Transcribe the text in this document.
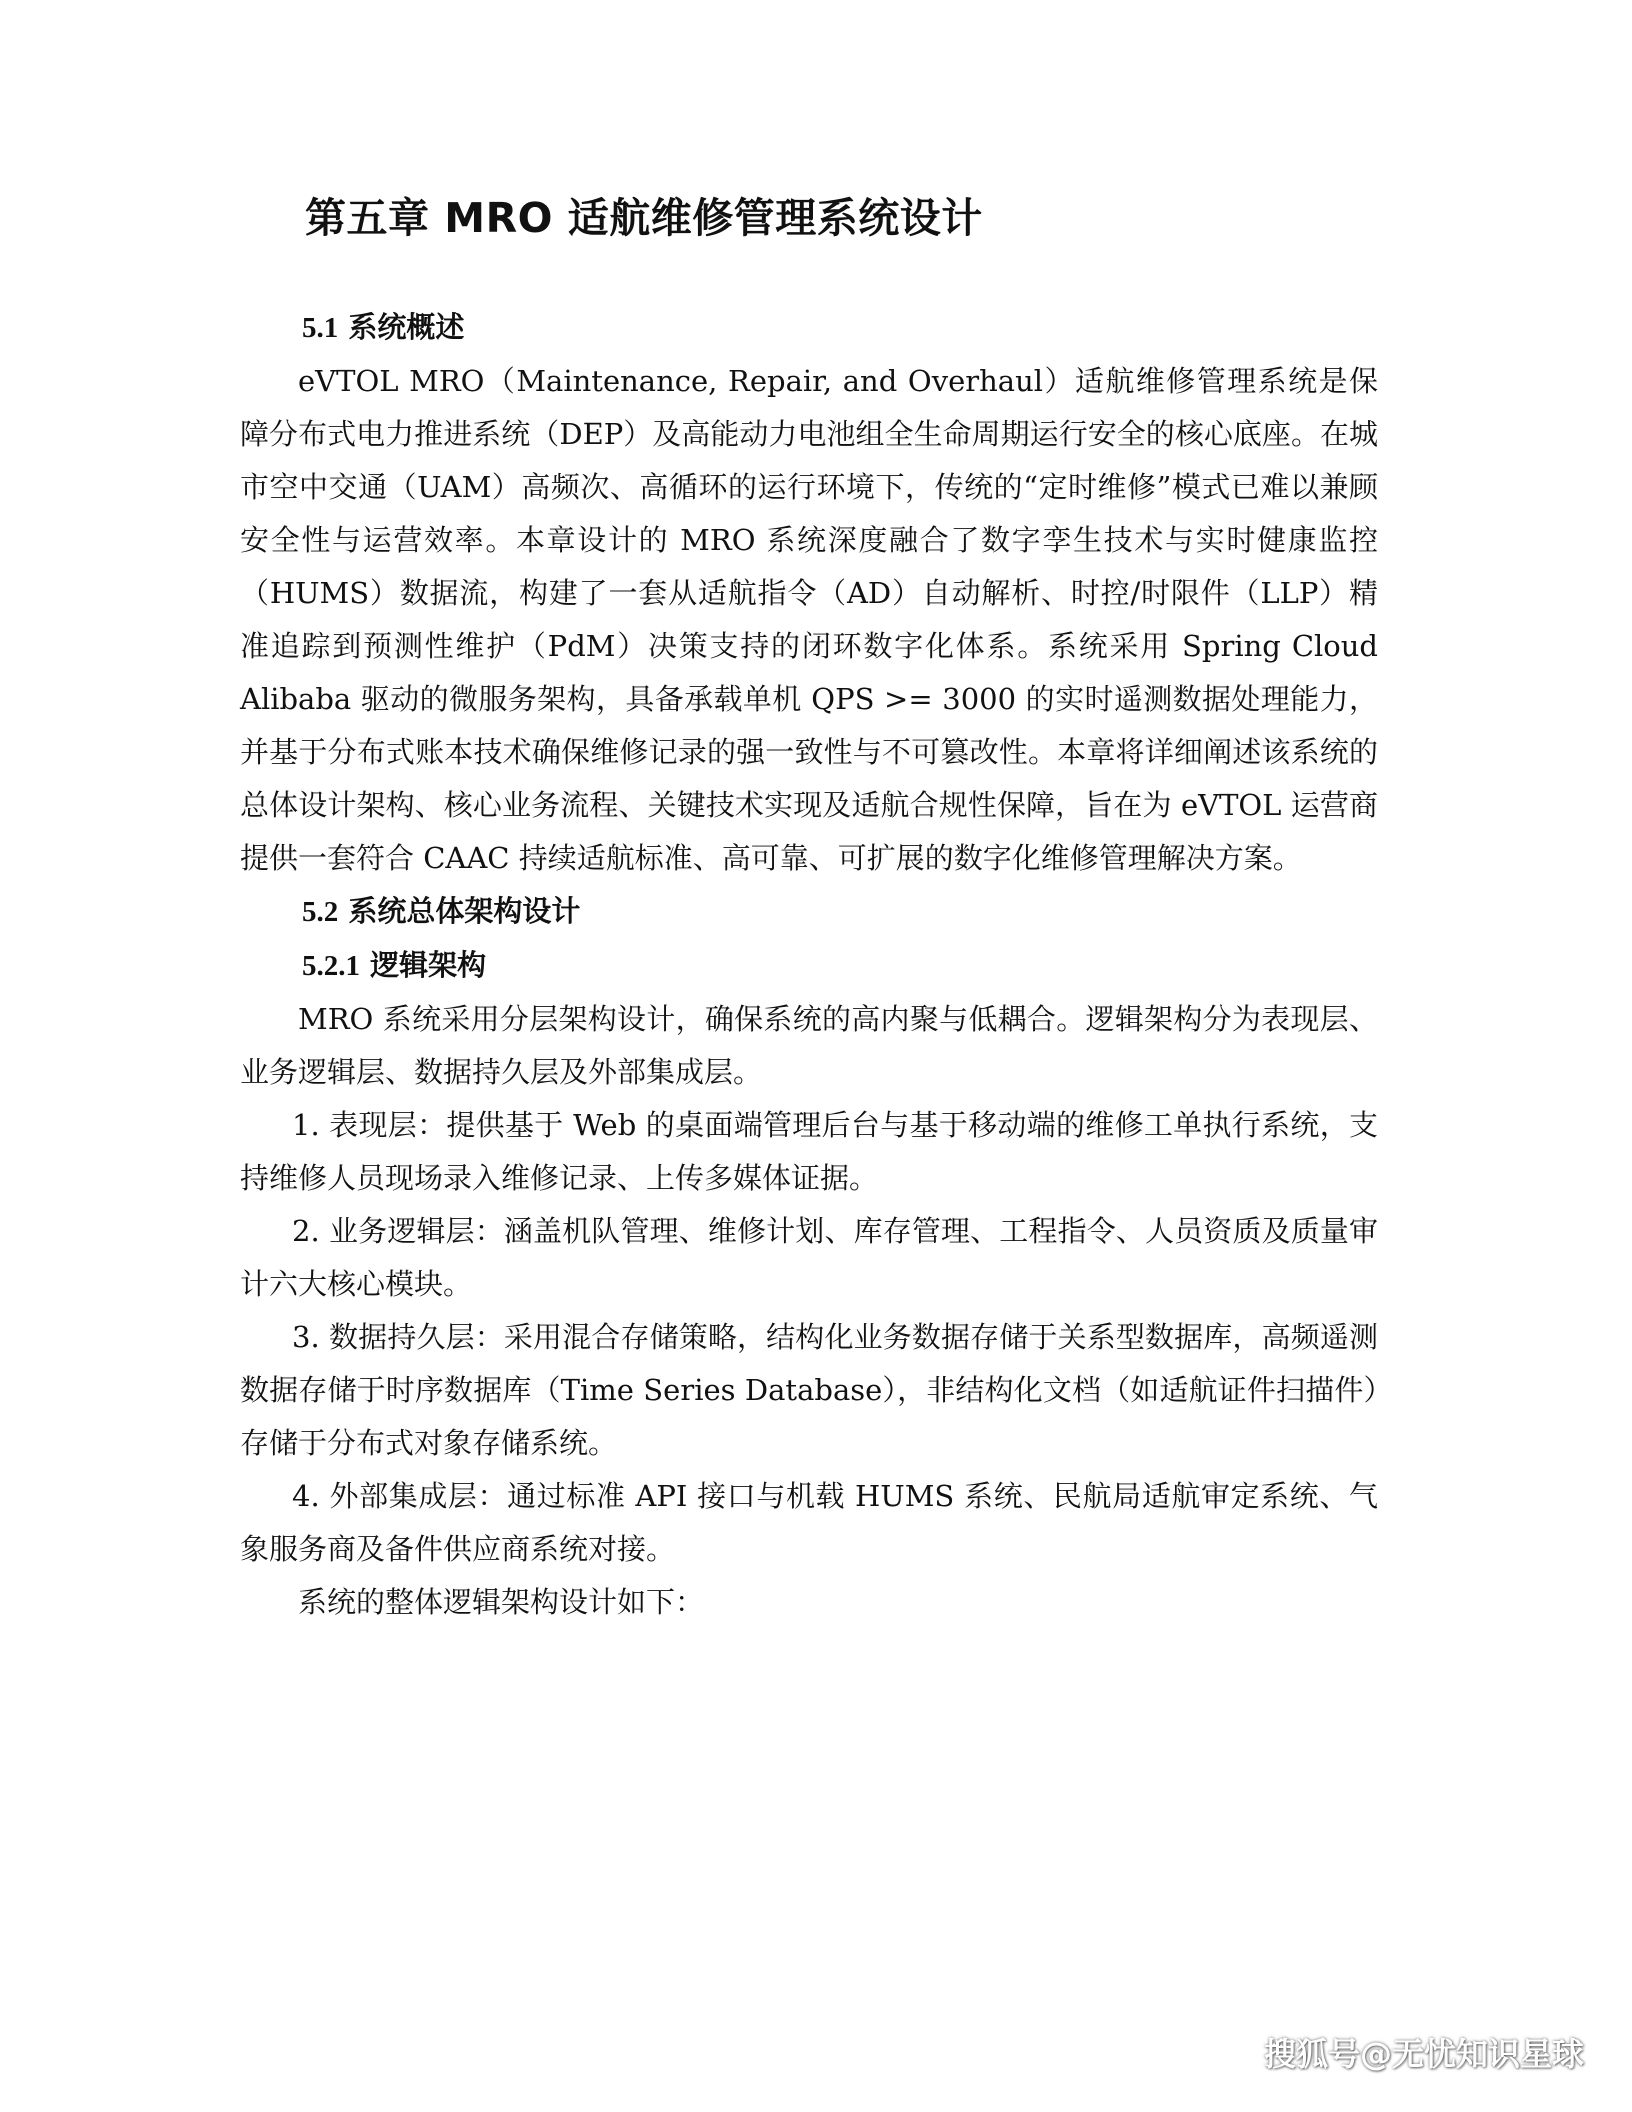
第五章 MRO 适航维修管理系统设计
5.1 系统概述

eVTOL MRO（Maintenance, Repair, and Overhaul）适航维修管理系统是保障分布式电力推进系统（DEP）及高能动力电池组全生命周期运行安全的核心底座。在城市空中交通（UAM）高频次、高循环的运行环境下，传统的“定时维修”模式已难以兼顾安全性与运营效率。本章设计的 MRO 系统深度融合了数字孪生技术与实时健康监控（HUMS）数据流，构建了一套从适航指令（AD）自动解析、时控/时限件（LLP）精准追踪到预测性维护（PdM）决策支持的闭环数字化体系。系统采用 Spring Cloud Alibaba 驱动的微服务架构，具备承载单机 QPS >= 3000 的实时遥测数据处理能力，并基于分布式账本技术确保维修记录的强一致性与不可篡改性。本章将详细阐述该系统的总体设计架构、核心业务流程、关键技术实现及适航合规性保障，旨在为 eVTOL 运营商提供一套符合 CAAC 持续适航标准、高可靠、可扩展的数字化维修管理解决方案。

5.2 系统总体架构设计
5.2.1 逻辑架构

MRO 系统采用分层架构设计，确保系统的高内聚与低耦合。逻辑架构分为表现层、业务逻辑层、数据持久层及外部集成层。

1. 表现层：提供基于 Web 的桌面端管理后台与基于移动端的维修工单执行系统，支持维修人员现场录入维修记录、上传多媒体证据。

2. 业务逻辑层：涵盖机队管理、维修计划、库存管理、工程指令、人员资质及质量审计六大核心模块。

3. 数据持久层：采用混合存储策略，结构化业务数据存储于关系型数据库，高频遥测数据存储于时序数据库（Time Series Database），非结构化文档（如适航证件扫描件）存储于分布式对象存储系统。

4. 外部集成层：通过标准 API 接口与机载 HUMS 系统、民航局适航审定系统、气象服务商及备件供应商系统对接。

系统的整体逻辑架构设计如下：

搜狐号@无忧知识星球
